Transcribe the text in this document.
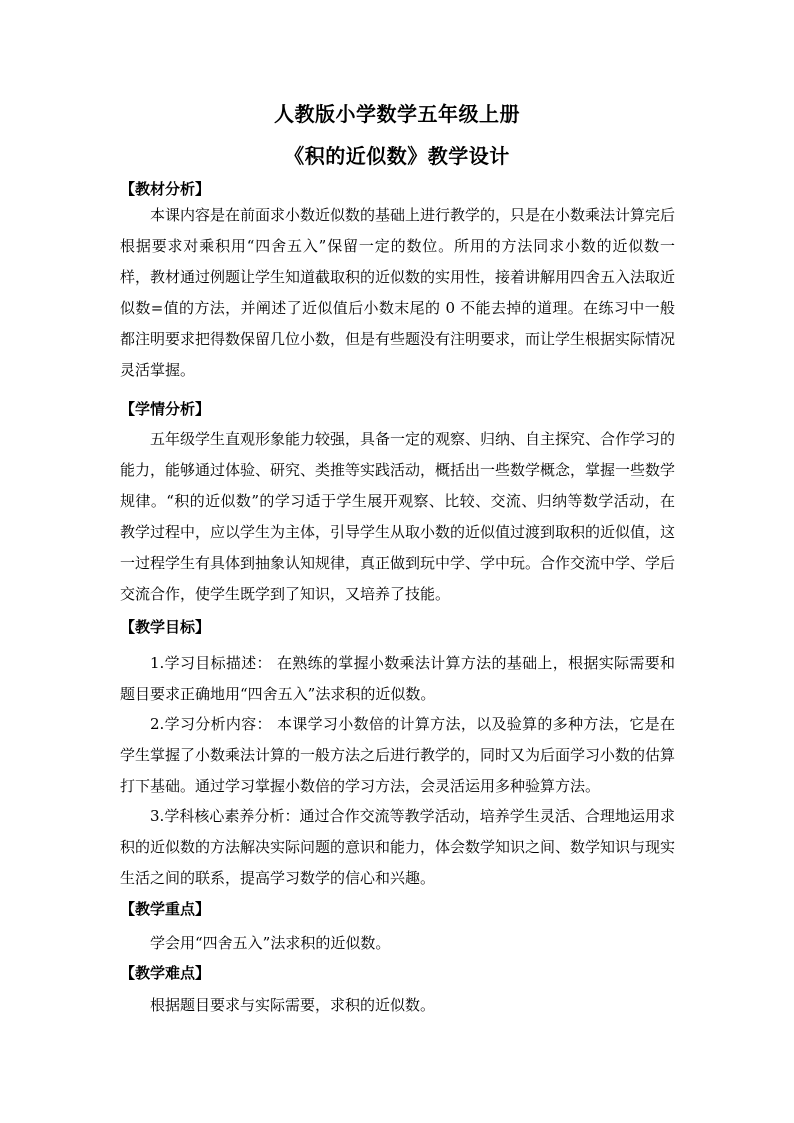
人教版小学数学五年级上册
《积的近似数》教学设计
【教材分析】
本课内容是在前面求小数近似数的基础上进行教学的，只是在小数乘法计算完后根据要求对乘积用“四舍五入”保留一定的数位。所用的方法同求小数的近似数一样，教材通过例题让学生知道截取积的近似数的实用性，接着讲解用四舍五入法取近似数=值的方法，并阐述了近似值后小数末尾的 0 不能去掉的道理。在练习中一般都注明要求把得数保留几位小数，但是有些题没有注明要求，而让学生根据实际情况灵活掌握。
【学情分析】
五年级学生直观形象能力较强，具备一定的观察、归纳、自主探究、合作学习的能力，能够通过体验、研究、类推等实践活动，概括出一些数学概念，掌握一些数学规律。“积的近似数”的学习适于学生展开观察、比较、交流、归纳等数学活动，在教学过程中，应以学生为主体，引导学生从取小数的近似值过渡到取积的近似值，这一过程学生有具体到抽象认知规律，真正做到玩中学、学中玩。合作交流中学、学后交流合作，使学生既学到了知识，又培养了技能。
【教学目标】
1.学习目标描述： 在熟练的掌握小数乘法计算方法的基础上，根据实际需要和题目要求正确地用“四舍五入”法求积的近似数。
2.学习分析内容： 本课学习小数倍的计算方法，以及验算的多种方法，它是在学生掌握了小数乘法计算的一般方法之后进行教学的，同时又为后面学习小数的估算打下基础。通过学习掌握小数倍的学习方法，会灵活运用多种验算方法。
3.学科核心素养分析：通过合作交流等教学活动，培养学生灵活、合理地运用求积的近似数的方法解决实际问题的意识和能力，体会数学知识之间、数学知识与现实生活之间的联系，提高学习数学的信心和兴趣。
【教学重点】
学会用“四舍五入”法求积的近似数。
【教学难点】
根据题目要求与实际需要，求积的近似数。
